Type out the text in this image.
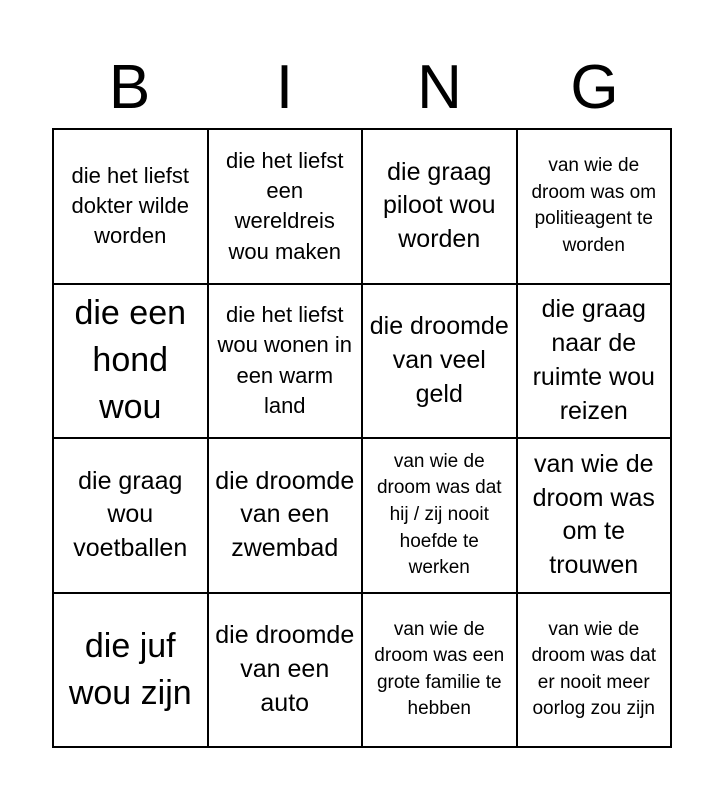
B	I	N	G
die het liefst dokter wilde worden
die het liefst een wereldreis wou maken
die graag piloot wou worden
van wie de droom was om politieagent te worden
die een hond wou
die het liefst wou wonen in een warm land
die droomde van veel geld
die graag naar de ruimte wou reizen
die graag wou voetballen
die droomde van een zwembad
van wie de droom was dat hij / zij nooit hoefde te werken
van wie de droom was om te trouwen
die juf wou zijn
die droomde van een auto
van wie de droom was een grote familie te hebben
van wie de droom was dat er nooit meer oorlog zou zijn
